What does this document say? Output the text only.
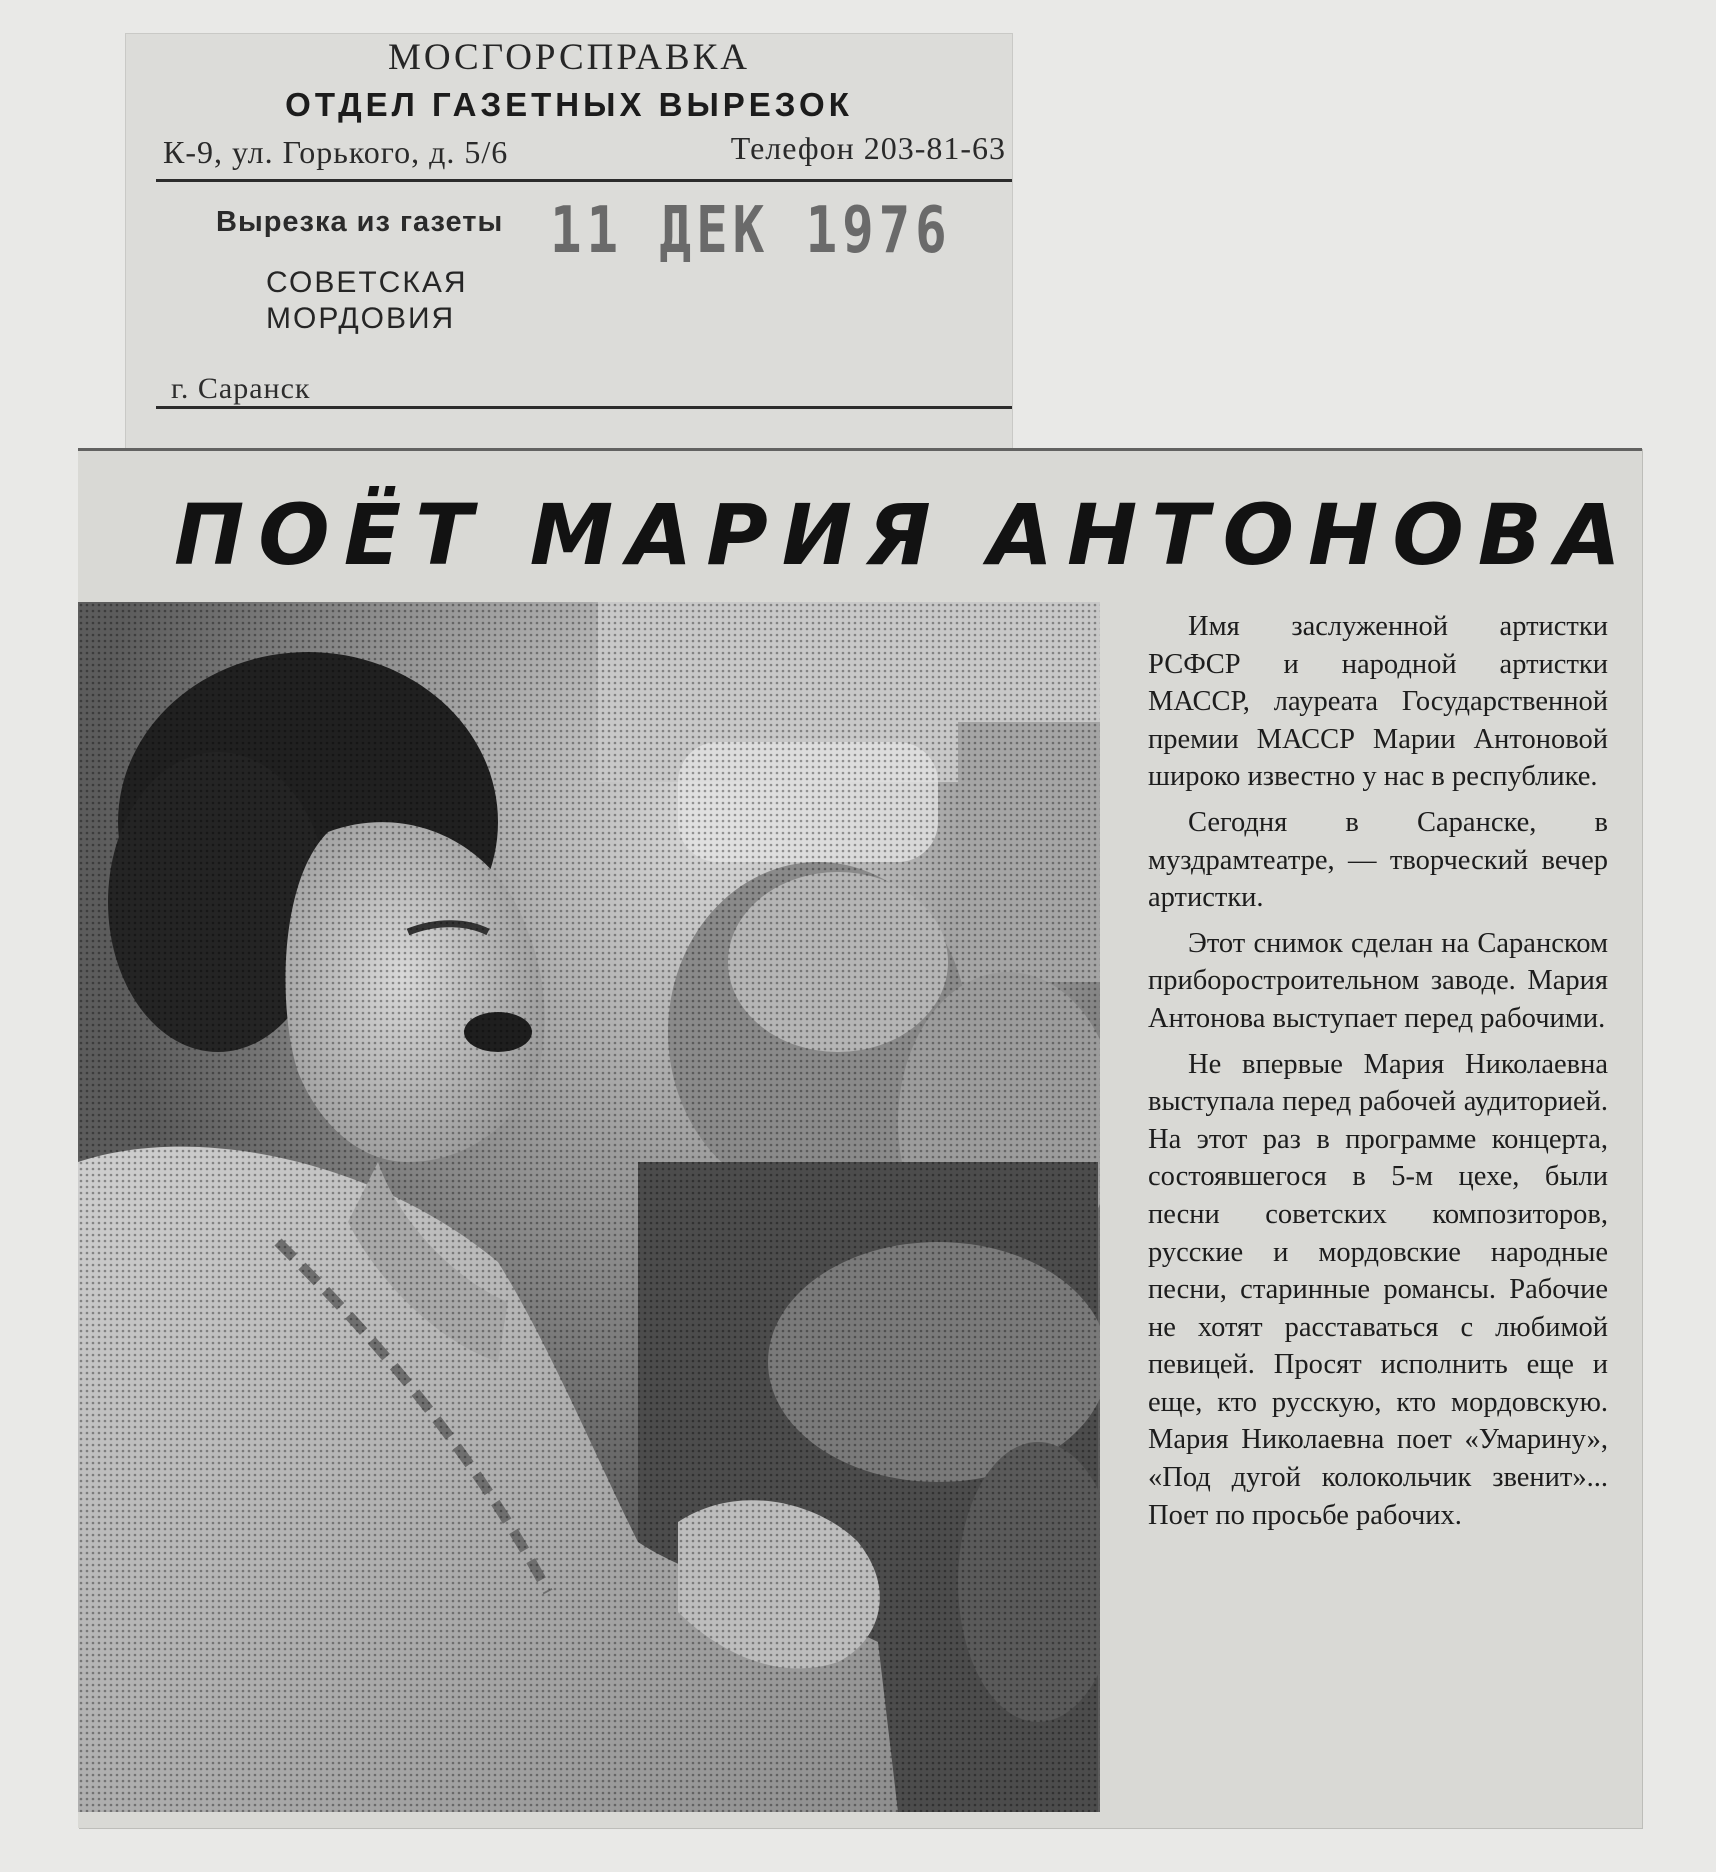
МОСГОРСПРАВКА
ОТДЕЛ ГАЗЕТНЫХ ВЫРЕЗОК
К-9, ул. Горького, д. 5/6	Телефон 203-81-63
Вырезка из газеты 11 ДЕК 1976
СОВЕТСКАЯ
МОРДОВИЯ
г. Саранск
ПОЁТ МАРИЯ АНТОНОВА

Имя заслуженной артистки РСФСР и народной артистки МАССР, лауреата Государственной премии МАССР Марии Антоновой широко известно у нас в республике.

Сегодня в Саранске, в муздрамтеатре, — творческий вечер артистки.

Этот снимок сделан на Саранском приборостроительном заводе. Мария Антонова выступает перед рабочими.

Не впервые Мария Николаевна выступала перед рабочей аудиторией. На этот раз в программе концерта, состоявшегося в 5-м цехе, были песни советских композиторов, русские и мордовские народные песни, старинные романсы. Рабочие не хотят расставаться с любимой певицей. Просят исполнить еще и еще, кто русскую, кто мордовскую. Мария Николаевна поет «Умарину», «Под дугой колокольчик звенит»... Поет по просьбе рабочих.
